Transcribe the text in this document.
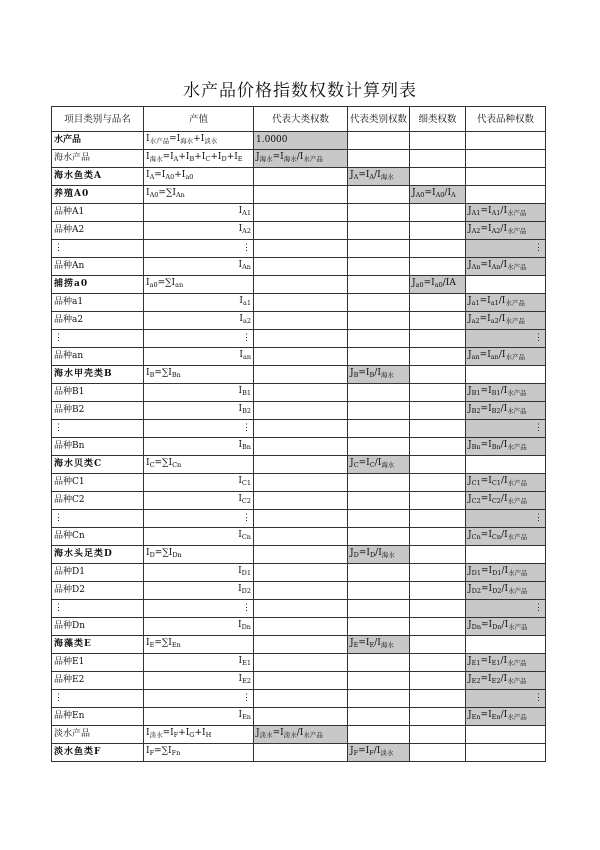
水产品价格指数权数计算列表
项目类别与品名	产值	代表大类权数	代表类别权数	细类权数	代表品种权数
水产品	$I_{水产品}=I_{海水}+I_{淡水}$	1.0000			
海水产品	$I_{海水}=I_A+I_B+I_C+I_D+I_E$	$J_{海水}=I_{海水}/I_{水产品}$			
海水鱼类A	$I_A=I_{A0}+I_{a0}$		$J_A=I_A/I_{海水}$		
养殖A0	$I_{A0}=\sum I_{An}$			$J_{A0}=I_{A0}/I_A$	
品种A1	$I_{A1}$				$J_{A1}=I_{A1}/I_{水产品}$
品种A2	$I_{A2}$				$J_{A2}=I_{A2}/I_{水产品}$
⋮	⋮				⋮
品种An	$I_{An}$				$J_{An}=I_{An}/I_{水产品}$
捕捞a0	$I_{a0}=\sum I_{an}$			$J_{a0}=I_{a0}/IA$	
品种a1	$I_{a1}$				$J_{a1}=I_{a1}/I_{水产品}$
品种a2	$I_{a2}$				$J_{a2}=I_{a2}/I_{水产品}$
⋮	⋮				⋮
品种an	$I_{an}$				$J_{an}=I_{an}/I_{水产品}$
海水甲壳类B	$I_B=\sum I_{Bn}$		$J_B=I_B/I_{海水}$		
品种B1	$I_{B1}$				$J_{B1}=I_{B1}/I_{水产品}$
品种B2	$I_{B2}$				$J_{B2}=I_{B2}/I_{水产品}$
⋮	⋮				⋮
品种Bn	$I_{Bn}$				$J_{Bn}=I_{Bn}/I_{水产品}$
海水贝类C	$I_C=\sum I_{Cn}$		$J_C=I_C/I_{海水}$		
品种C1	$I_{C1}$				$J_{C1}=I_{C1}/I_{水产品}$
品种C2	$I_{C2}$				$J_{C2}=I_{C2}/I_{水产品}$
⋮	⋮				⋮
品种Cn	$I_{Cn}$				$J_{Cn}=I_{Cn}/I_{水产品}$
海水头足类D	$I_D=\sum I_{Dn}$		$J_D=I_D/I_{海水}$		
品种D1	$I_{D1}$				$J_{D1}=I_{D1}/I_{水产品}$
品种D2	$I_{D2}$				$J_{D2}=I_{D2}/I_{水产品}$
⋮	⋮				⋮
品种Dn	$I_{Dn}$				$J_{Dn}=I_{Dn}/I_{水产品}$
海藻类E	$I_E=\sum I_{En}$		$J_E=I_E/I_{海水}$		
品种E1	$I_{E1}$				$J_{E1}=I_{E1}/I_{水产品}$
品种E2	$I_{E2}$				$J_{E2}=I_{E2}/I_{水产品}$
⋮	⋮				⋮
品种En	$I_{En}$				$J_{En}=I_{En}/I_{水产品}$
淡水产品	$I_{淡水}=I_F+I_G+I_H$	$J_{淡水}=I_{淡水}/I_{水产品}$			
淡水鱼类F	$I_F=\sum I_{Fn}$		$J_F=I_F/I_{淡水}$		
